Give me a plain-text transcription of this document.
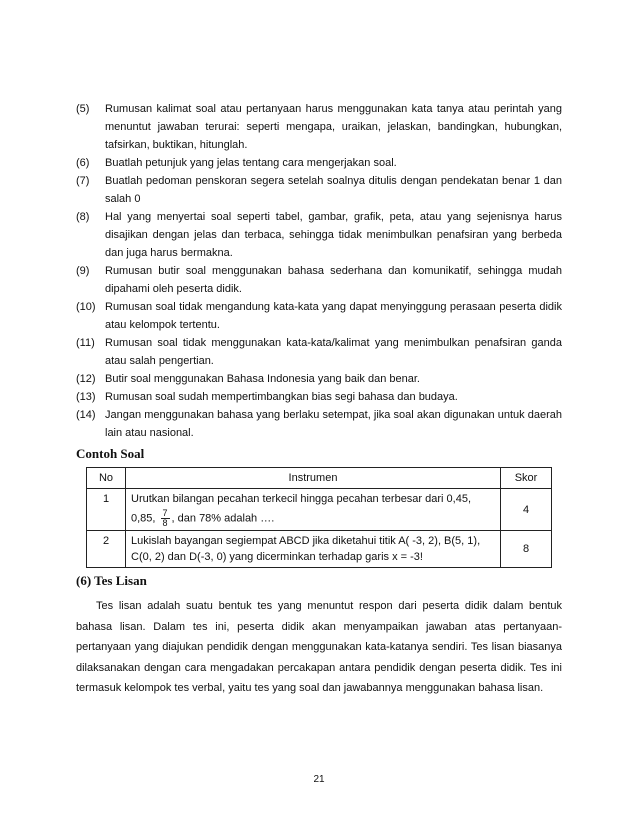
(5)	Rumusan kalimat soal atau pertanyaan harus menggunakan kata tanya atau perintah yang menuntut jawaban terurai: seperti mengapa, uraikan, jelaskan, bandingkan, hubungkan, tafsirkan, buktikan, hitunglah.
(6)	Buatlah petunjuk yang jelas tentang cara mengerjakan soal.
(7)	Buatlah pedoman penskoran segera setelah soalnya ditulis dengan pendekatan benar 1 dan salah 0
(8)	Hal yang menyertai soal seperti tabel, gambar, grafik, peta, atau yang sejenisnya harus disajikan dengan jelas dan terbaca, sehingga tidak menimbulkan penafsiran yang berbeda dan juga harus bermakna.
(9)	Rumusan butir soal menggunakan bahasa sederhana dan komunikatif, sehingga mudah dipahami oleh peserta didik.
(10) Rumusan soal tidak mengandung kata-kata yang dapat menyinggung perasaan peserta didik atau kelompok tertentu.
(11) Rumusan soal tidak menggunakan kata-kata/kalimat yang menimbulkan penafsiran ganda atau salah pengertian.
(12) Butir soal menggunakan Bahasa Indonesia yang baik dan benar.
(13) Rumusan soal sudah mempertimbangkan bias segi bahasa dan budaya.
(14) Jangan menggunakan bahasa yang berlaku setempat, jika soal akan digunakan untuk daerah lain atau nasional.
Contoh Soal
No	Instrumen	Skor
1	Urutkan bilangan pecahan terkecil hingga pecahan terbesar dari 0,45,
0,85, $\frac{7}{8}$ , dan 78% adalah ….	4
2	Lukislah bayangan segiempat ABCD jika diketahui titik A( -3, 2), B(5, 1), C(0, 2) dan D(-3, 0) yang dicerminkan terhadap garis x = -3!	8
(6) Tes Lisan

Tes lisan adalah suatu bentuk tes yang menuntut respon dari peserta didik dalam bentuk bahasa lisan. Dalam tes ini, peserta didik akan menyampaikan jawaban atas pertanyaan-pertanyaan yang diajukan pendidik dengan menggunakan kata-katanya sendiri. Tes lisan biasanya dilaksanakan dengan cara mengadakan percakapan antara pendidik dengan peserta didik. Tes ini termasuk kelompok tes verbal, yaitu tes yang soal dan jawabannya menggunakan bahasa lisan.

21
